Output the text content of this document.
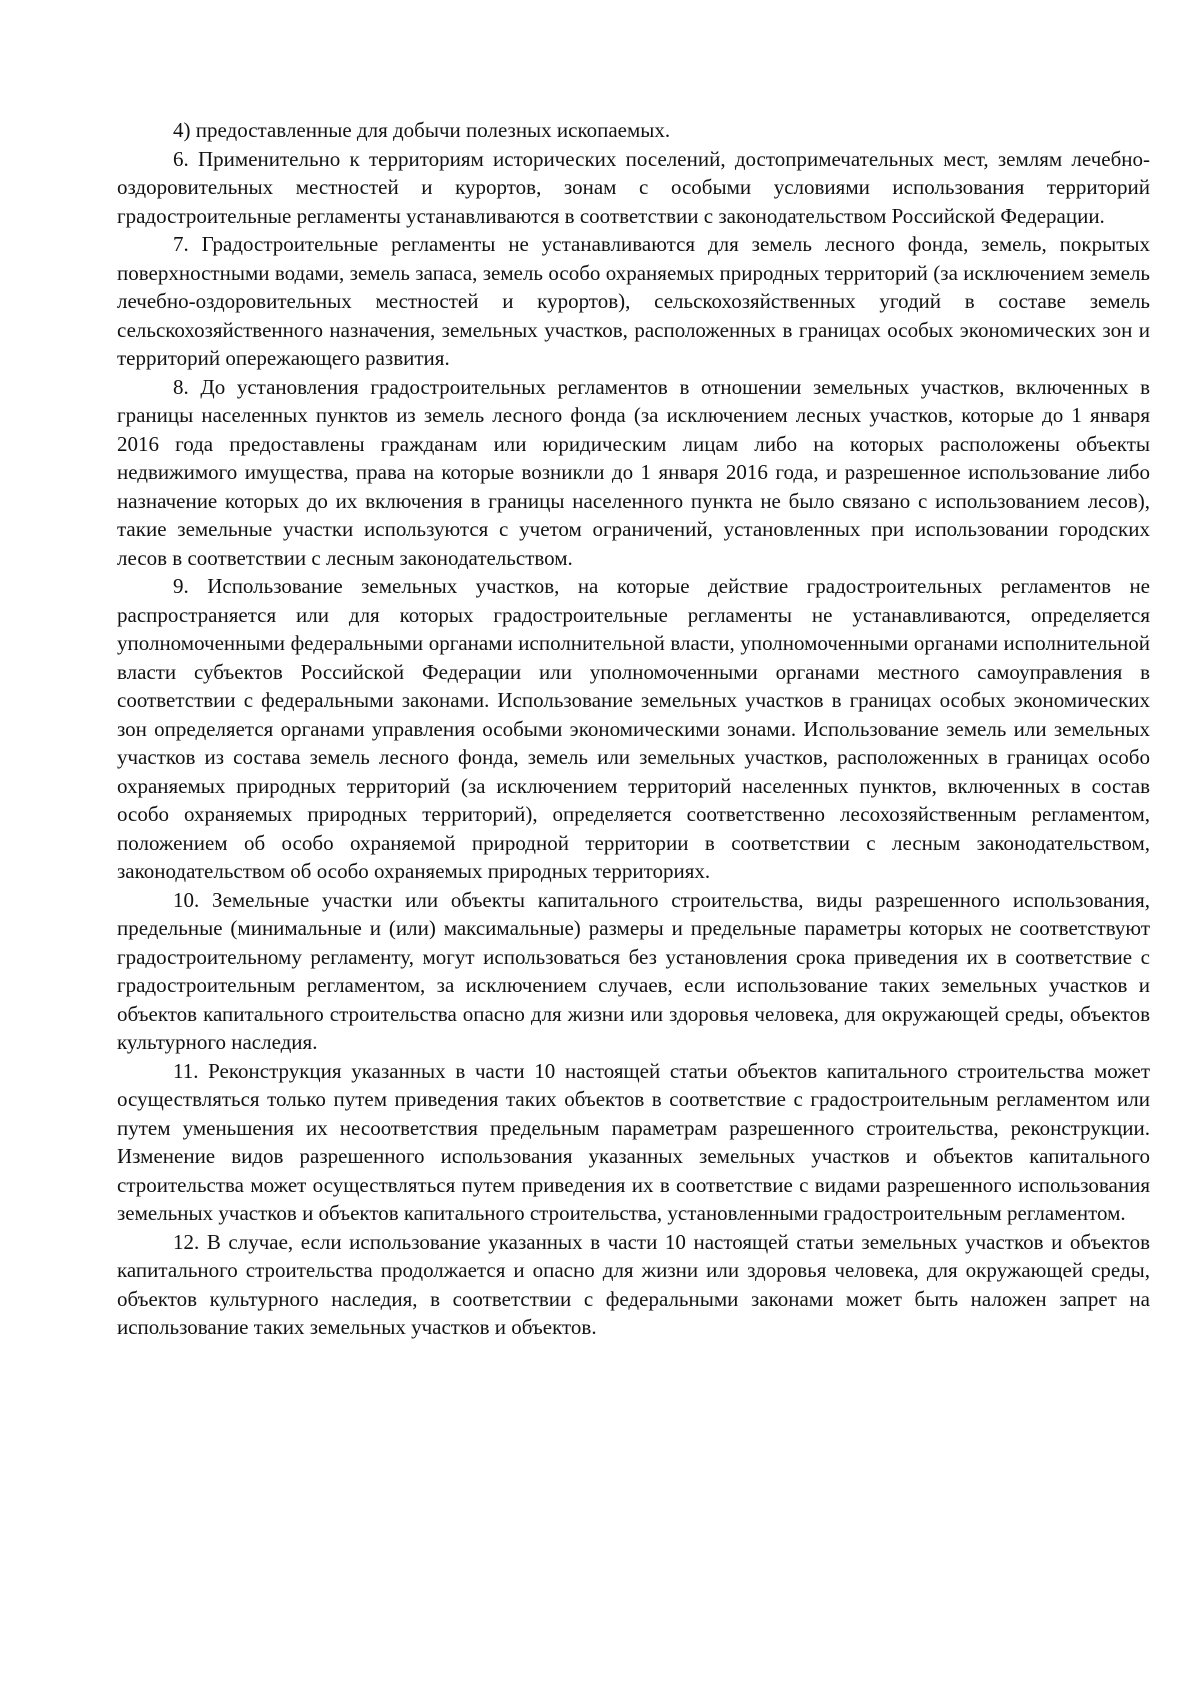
4) предоставленные для добычи полезных ископаемых.

6. Применительно к территориям исторических поселений, достопримечательных мест, землям лечебно-оздоровительных местностей и курортов, зонам с особыми условиями использования территорий градостроительные регламенты устанавливаются в соответствии с законодательством Российской Федерации.

7. Градостроительные регламенты не устанавливаются для земель лесного фонда, земель, покрытых поверхностными водами, земель запаса, земель особо охраняемых природных территорий (за исключением земель лечебно-оздоровительных местностей и курортов), сельскохозяйственных угодий в составе земель сельскохозяйственного назначения, земельных участков, расположенных в границах особых экономических зон и территорий опережающего развития.

8. До установления градостроительных регламентов в отношении земельных участков, включенных в границы населенных пунктов из земель лесного фонда (за исключением лесных участков, которые до 1 января 2016 года предоставлены гражданам или юридическим лицам либо на которых расположены объекты недвижимого имущества, права на которые возникли до 1 января 2016 года, и разрешенное использование либо назначение которых до их включения в границы населенного пункта не было связано с использованием лесов), такие земельные участки используются с учетом ограничений, установленных при использовании городских лесов в соответствии с лесным законодательством.

9. Использование земельных участков, на которые действие градостроительных регламентов не распространяется или для которых градостроительные регламенты не устанавливаются, определяется уполномоченными федеральными органами исполнительной власти, уполномоченными органами исполнительной власти субъектов Российской Федерации или уполномоченными органами местного самоуправления в соответствии с федеральными законами. Использование земельных участков в границах особых экономических зон определяется органами управления особыми экономическими зонами. Использование земель или земельных участков из состава земель лесного фонда, земель или земельных участков, расположенных в границах особо охраняемых природных территорий (за исключением территорий населенных пунктов, включенных в состав особо охраняемых природных территорий), определяется соответственно лесохозяйственным регламентом, положением об особо охраняемой природной территории в соответствии с лесным законодательством, законодательством об особо охраняемых природных территориях.

10. Земельные участки или объекты капитального строительства, виды разрешенного использования, предельные (минимальные и (или) максимальные) размеры и предельные параметры которых не соответствуют градостроительному регламенту, могут использоваться без установления срока приведения их в соответствие с градостроительным регламентом, за исключением случаев, если использование таких земельных участков и объектов капитального строительства опасно для жизни или здоровья человека, для окружающей среды, объектов культурного наследия.

11. Реконструкция указанных в части 10 настоящей статьи объектов капитального строительства может осуществляться только путем приведения таких объектов в соответствие с градостроительным регламентом или путем уменьшения их несоответствия предельным параметрам разрешенного строительства, реконструкции. Изменение видов разрешенного использования указанных земельных участков и объектов капитального строительства может осуществляться путем приведения их в соответствие с видами разрешенного использования земельных участков и объектов капитального строительства, установленными градостроительным регламентом.

12. В случае, если использование указанных в части 10 настоящей статьи земельных участков и объектов капитального строительства продолжается и опасно для жизни или здоровья человека, для окружающей среды, объектов культурного наследия, в соответствии с федеральными законами может быть наложен запрет на использование таких земельных участков и объектов.
